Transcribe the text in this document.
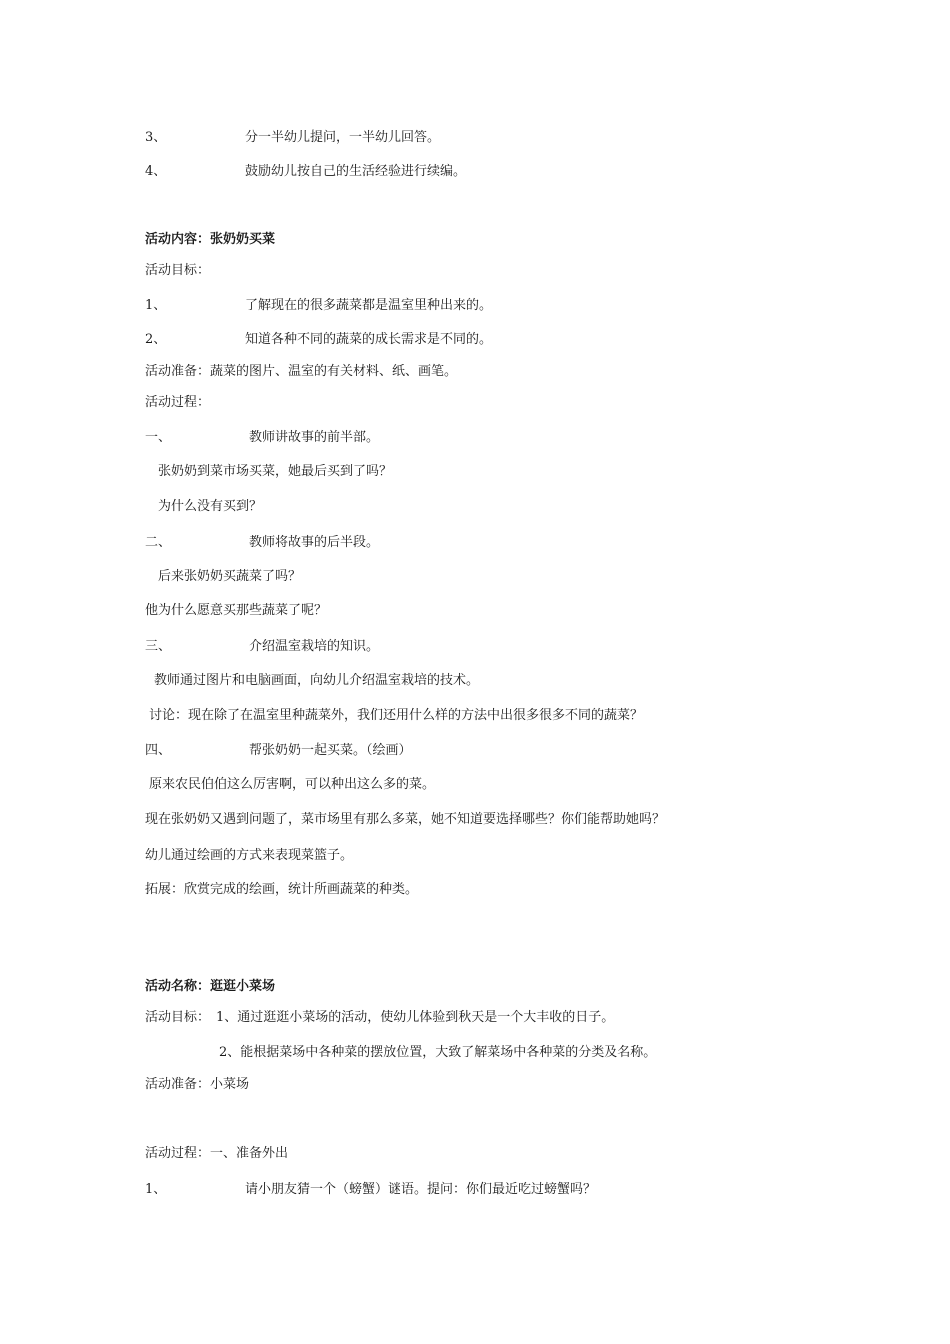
3、	分一半幼儿提问，一半幼儿回答。
4、	鼓励幼儿按自己的生活经验进行续编。
活动内容：张奶奶买菜
活动目标：
1、	了解现在的很多蔬菜都是温室里种出来的。
2、	知道各种不同的蔬菜的成长需求是不同的。
活动准备：蔬菜的图片、温室的有关材料、纸、画笔。
活动过程：
一、	教师讲故事的前半部。
张奶奶到菜市场买菜，她最后买到了吗？
为什么没有买到？
二、	教师将故事的后半段。
后来张奶奶买蔬菜了吗？
他为什么愿意买那些蔬菜了呢？
三、	介绍温室栽培的知识。
教师通过图片和电脑画面，向幼儿介绍温室栽培的技术。
讨论：现在除了在温室里种蔬菜外，我们还用什么样的方法中出很多很多不同的蔬菜？
四、	帮张奶奶一起买菜。（绘画）
原来农民伯伯这么厉害啊，可以种出这么多的菜。
现在张奶奶又遇到问题了，菜市场里有那么多菜，她不知道要选择哪些？你们能帮助她吗？
幼儿通过绘画的方式来表现菜篮子。
拓展：欣赏完成的绘画，统计所画蔬菜的种类。
活动名称：逛逛小菜场
活动目标： 1、通过逛逛小菜场的活动，使幼儿体验到秋天是一个大丰收的日子。
2、能根据菜场中各种菜的摆放位置，大致了解菜场中各种菜的分类及名称。
活动准备：小菜场
活动过程：一、准备外出
1、	请小朋友猜一个（螃蟹）谜语。提问：你们最近吃过螃蟹吗？
